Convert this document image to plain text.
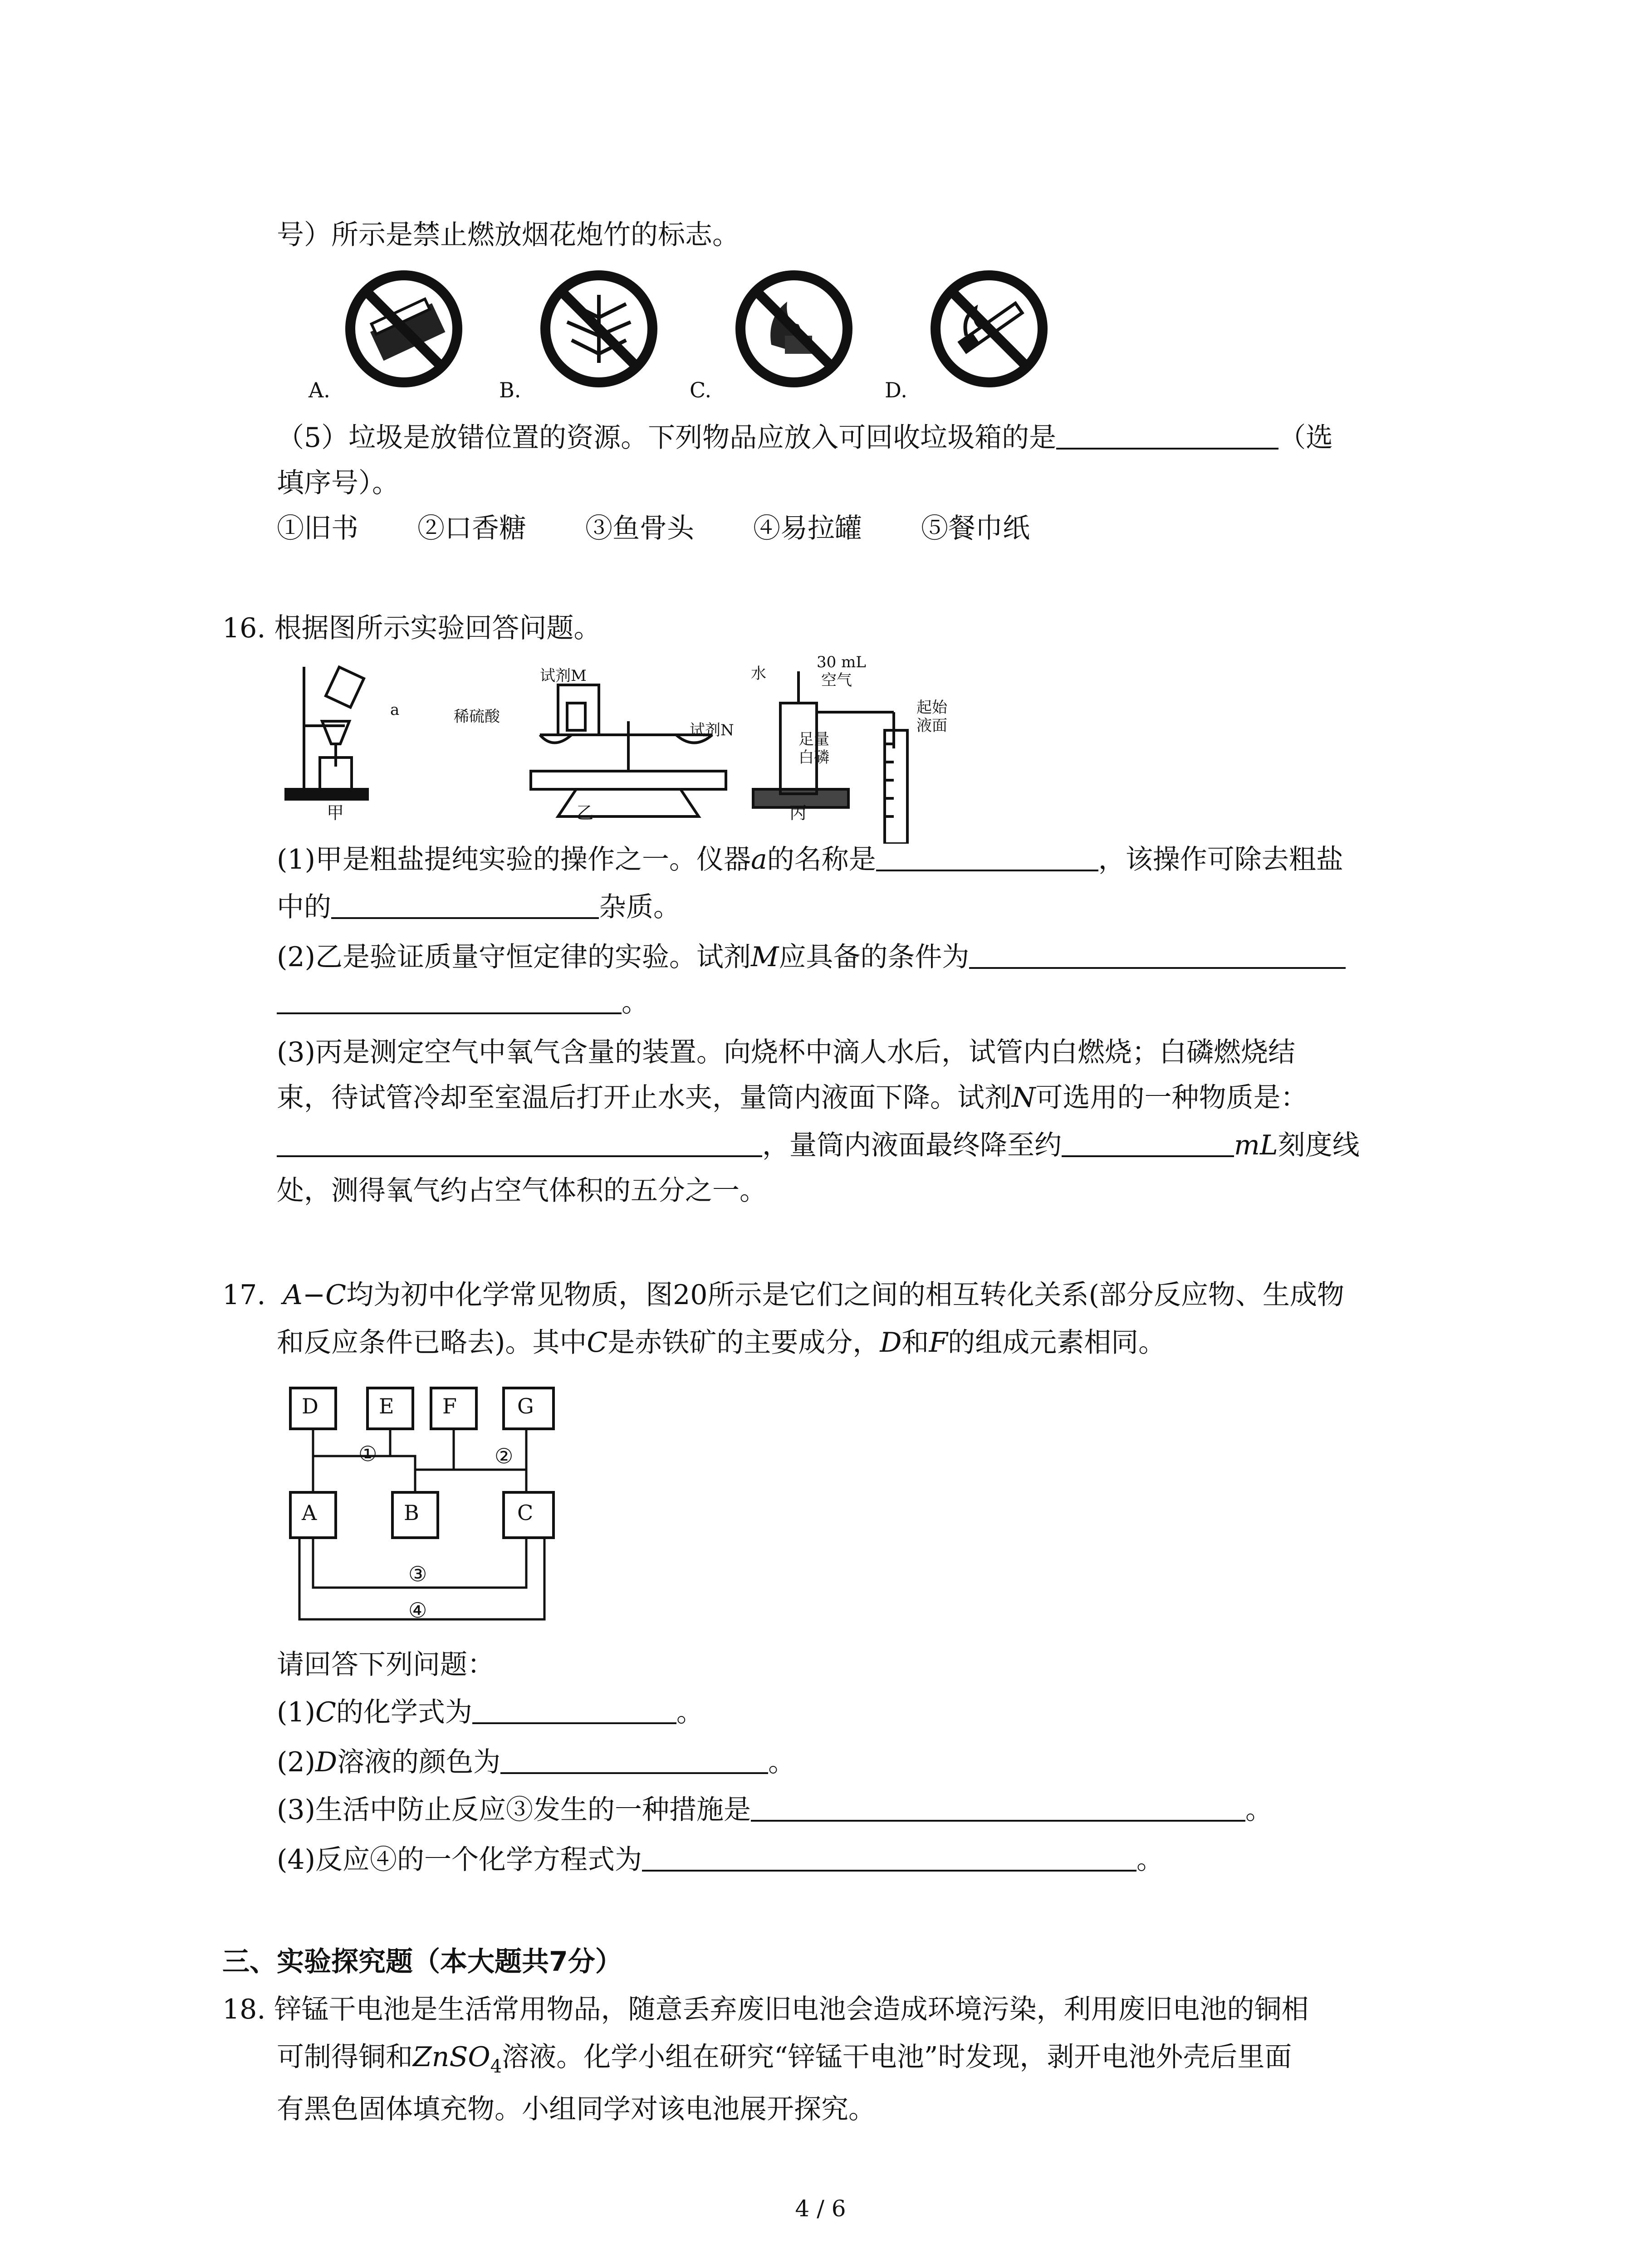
号）所示是禁止燃放烟花炮竹的标志。
A.	B.	C.	D.
（5）垃圾是放错位置的资源。下列物品应放入可回收垃圾箱的是	（选
填序号）。
①旧书 ②口香糖 ③鱼骨头 ④易拉罐 ⑤餐巾纸
16. 根据图所示实验回答问题。
a	稀硫酸
试剂M	水
30 mL
空气
试剂N	足量
白磷
起始
液面
甲	乙	丙
(1)甲是粗盐提纯实验的操作之一。仪器a的名称是	，该操作可除去粗盐
中的	杂质。
(2)乙是验证质量守恒定律的实验。试剂M应具备的条件为
。
(3)丙是测定空气中氧气含量的装置。向烧杯中滴人水后，试管内白燃烧；白磷燃烧结
束，待试管冷却至室温后打开止水夹，量筒内液面下降。试剂N可选用的一种物质是：
，量筒内液面最终降至约	mL刻度线
处，测得氧气约占空气体积的五分之一。
17. A−C均为初中化学常见物质，图20所示是它们之间的相互转化关系(部分反应物、生成物
和反应条件已略去)。其中C是赤铁矿的主要成分，D和F的组成元素相同。
D	E F	G
A	B	C
①	②
③
④
请回答下列问题：
(1)C的化学式为	。
(2)D溶液的颜色为	。
(3)生活中防止反应③发生的一种措施是	。
(4)反应④的一个化学方程式为	。
三、实验探究题（本大题共7分）
18. 锌锰干电池是生活常用物品，随意丢弃废旧电池会造成环境污染，利用废旧电池的铜相
可制得铜和ZnSO$_4$溶液。化学小组在研究“锌锰干电池”时发现，剥开电池外壳后里面
有黑色固体填充物。小组同学对该电池展开探究。
4 / 6
